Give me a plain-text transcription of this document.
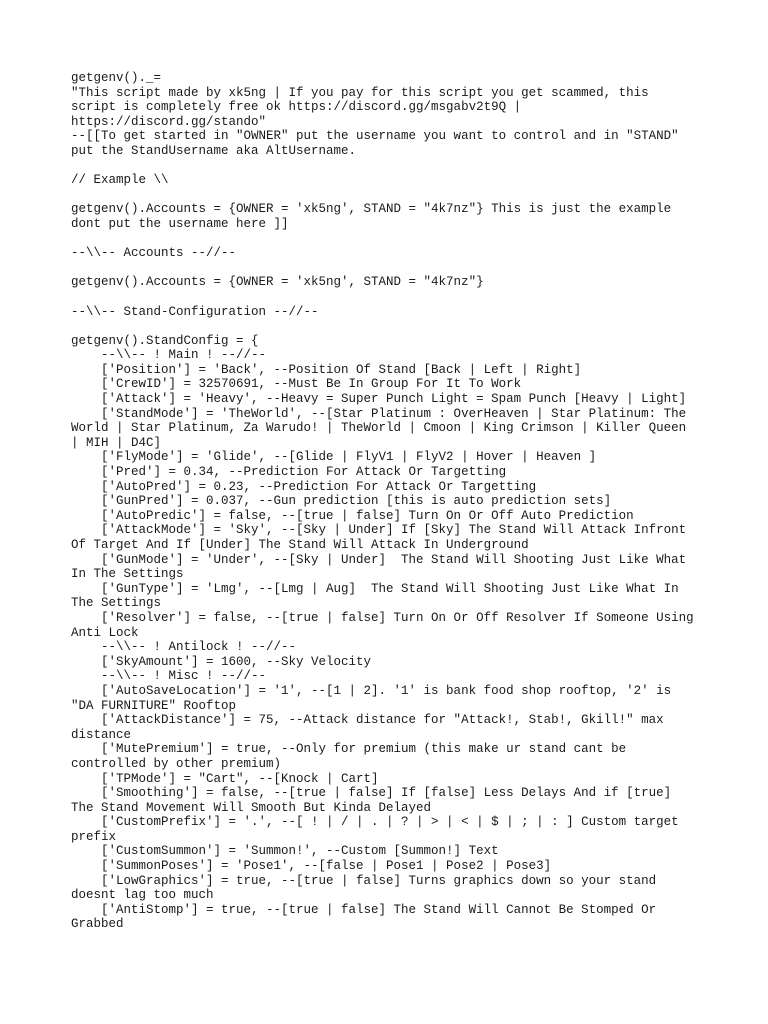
getgenv()._=
"This script made by xk5ng | If you pay for this script you get scammed, this
script is completely free ok https://discord.gg/msgabv2t9Q |
https://discord.gg/stando"
--[[To get started in "OWNER" put the username you want to control and in "STAND"
put the StandUsername aka AltUsername.
// Example \\
getgenv().Accounts = {OWNER = 'xk5ng', STAND = "4k7nz"} This is just the example
dont put the username here ]]
--\\-- Accounts --//--
getgenv().Accounts = {OWNER = 'xk5ng', STAND = "4k7nz"}
--\\-- Stand-Configuration --//--
getgenv().StandConfig = {
--\\-- ! Main ! --//--
['Position'] = 'Back', --Position Of Stand [Back | Left | Right]
['CrewID'] = 32570691, --Must Be In Group For It To Work
['Attack'] = 'Heavy', --Heavy = Super Punch Light = Spam Punch [Heavy | Light]
['StandMode'] = 'TheWorld', --[Star Platinum : OverHeaven | Star Platinum: The
World | Star Platinum, Za Warudo! | TheWorld | Cmoon | King Crimson | Killer Queen
| MIH | D4C]
['FlyMode'] = 'Glide', --[Glide | FlyV1 | FlyV2 | Hover | Heaven ]
['Pred'] = 0.34, --Prediction For Attack Or Targetting
['AutoPred'] = 0.23, --Prediction For Attack Or Targetting
['GunPred'] = 0.037, --Gun prediction [this is auto prediction sets]
['AutoPredic'] = false, --[true | false] Turn On Or Off Auto Prediction
['AttackMode'] = 'Sky', --[Sky | Under] If [Sky] The Stand Will Attack Infront
Of Target And If [Under] The Stand Will Attack In Underground
['GunMode'] = 'Under', --[Sky | Under]  The Stand Will Shooting Just Like What
In The Settings
['GunType'] = 'Lmg', --[Lmg | Aug]  The Stand Will Shooting Just Like What In
The Settings
['Resolver'] = false, --[true | false] Turn On Or Off Resolver If Someone Using
Anti Lock
--\\-- ! Antilock ! --//--
['SkyAmount'] = 1600, --Sky Velocity
--\\-- ! Misc ! --//--
['AutoSaveLocation'] = '1', --[1 | 2]. '1' is bank food shop rooftop, '2' is
"DA FURNITURE" Rooftop
['AttackDistance'] = 75, --Attack distance for "Attack!, Stab!, Gkill!" max
distance
['MutePremium'] = true, --Only for premium (this make ur stand cant be
controlled by other premium)
['TPMode'] = "Cart", --[Knock | Cart]
['Smoothing'] = false, --[true | false] If [false] Less Delays And if [true]
The Stand Movement Will Smooth But Kinda Delayed
['CustomPrefix'] = '.', --[ ! | / | . | ? | > | < | $ | ; | : ] Custom target
prefix
['CustomSummon'] = 'Summon!', --Custom [Summon!] Text
['SummonPoses'] = 'Pose1', --[false | Pose1 | Pose2 | Pose3]
['LowGraphics'] = true, --[true | false] Turns graphics down so your stand
doesnt lag too much
['AntiStomp'] = true, --[true | false] The Stand Will Cannot Be Stomped Or
Grabbed
